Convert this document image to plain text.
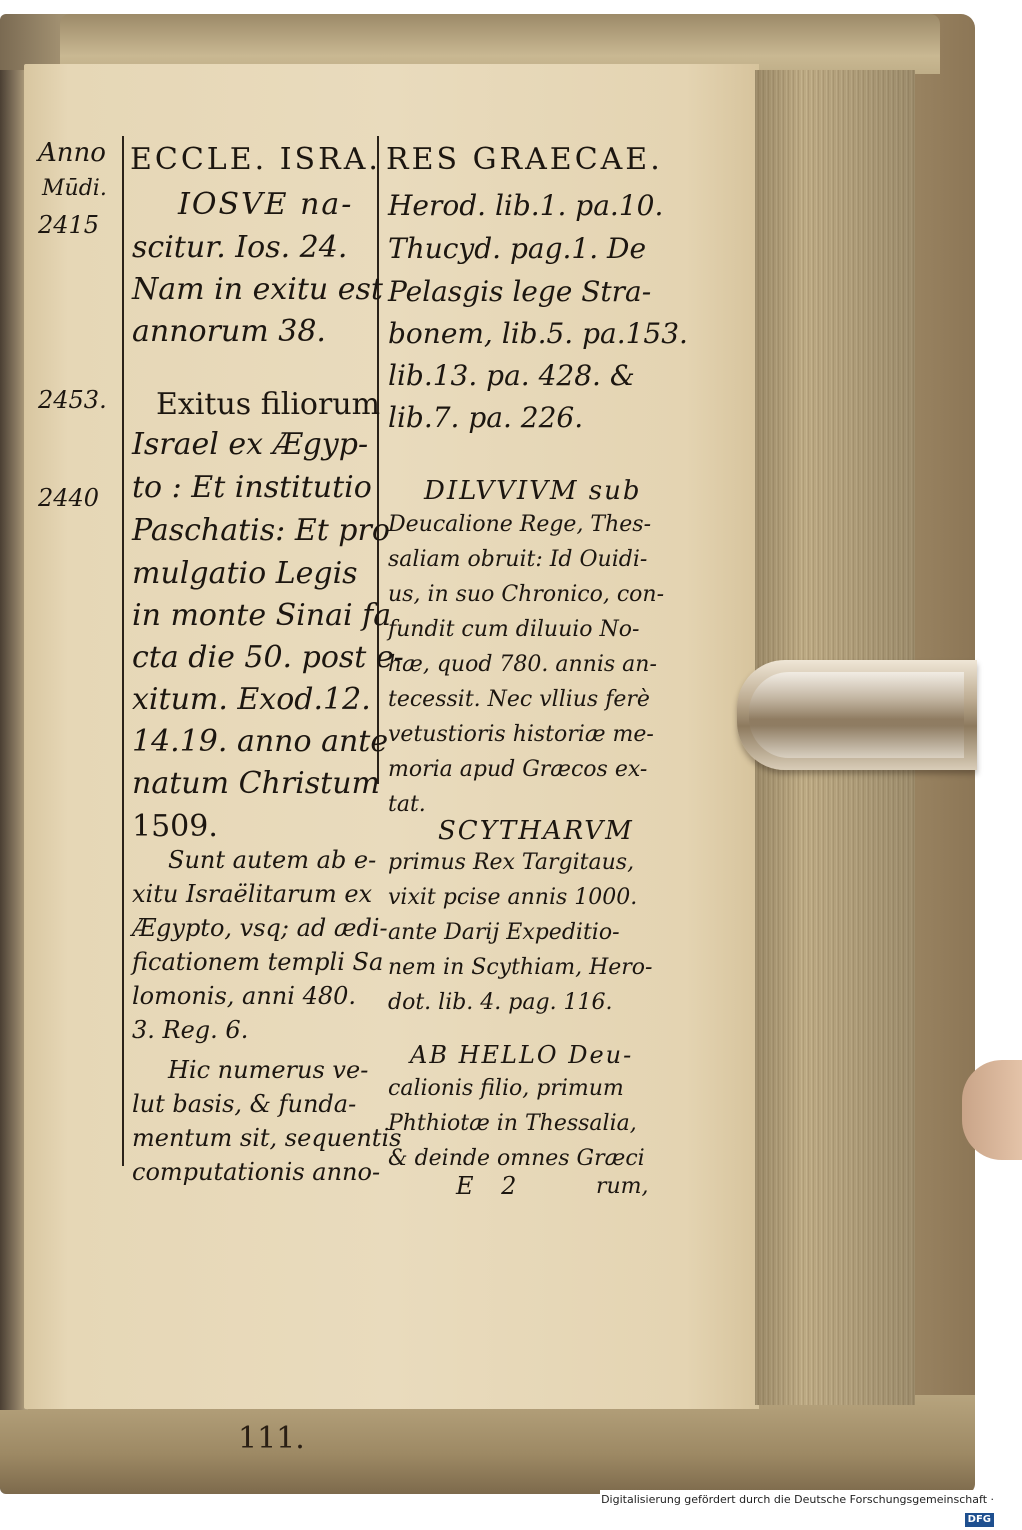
Anno
Mūdi.
2415
2453.
2440
ECCLE. ISRA. RES GRAECAE.
IOSVE na-
scitur. Ios. 24.
Nam in exitu est
annorum 38.
Exitus filiorum
Israel ex Ægyp-
to : Et institutio
Paschatis: Et pro
mulgatio Legis
in monte Sinai fa
cta die 50. post e-
xitum. Exod.12.
14.19. anno ante
natum Christum
1509.
Sunt autem ab e-
xitu Israëlitarum ex
Ægypto, vsq; ad ædi-
ficationem templi Sa
lomonis, anni 480.
3. Reg. 6.
Hic numerus ve-
lut basis, & funda-
mentum sit, sequentis
computationis anno-
Herod. lib.1. pa.10.
Thucyd. pag.1. De
Pelasgis lege Stra-
bonem, lib.5. pa.153.
lib.13. pa. 428. &
lib.7. pa. 226.
DILVVIVM sub
Deucalione Rege, Thes-
saliam obruit: Id Ouidi-
us, in suo Chronico, con-
fundit cum diluuio No-
hæ, quod 780. annis an-
tecessit. Nec vllius ferè
vetustioris historiæ me-
moria apud Græcos ex-
tat.
SCYTHARVM
primus Rex Targitaus,
vixit pcise annis 1000.
ante Darij Expeditio-
nem in Scythiam, Hero-
dot. lib. 4. pag. 116.
AB HELLO Deu-
calionis filio, primum
Phthiotæ in Thessalia,
& deinde omnes Græci
E 2	rum,
111.
Digitalisierung gefördert durch die Deutsche Forschungsgemeinschaft ·DFG
